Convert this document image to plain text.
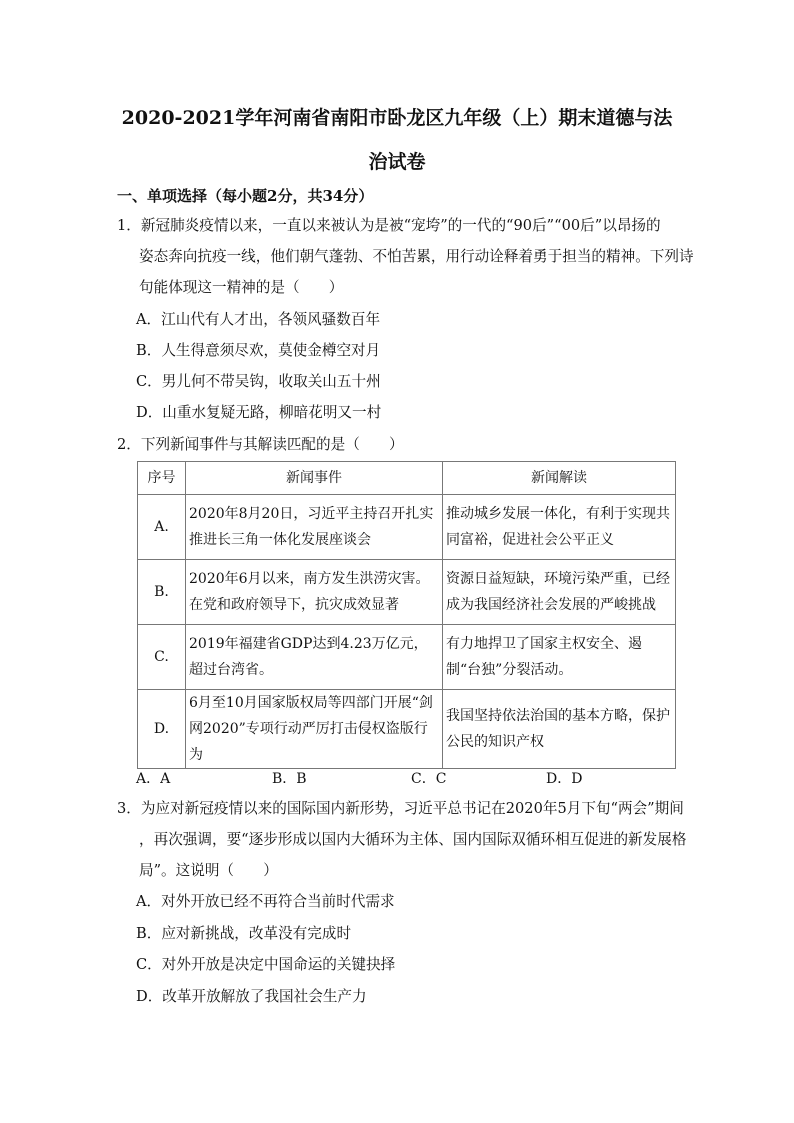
2020-2021学年河南省南阳市卧龙区九年级（上）期末道德与法
治试卷
一、单项选择（每小题2分，共34分）
1．新冠肺炎疫情以来，一直以来被认为是被“宠垮”的一代的“90后”“00后”以昂扬的
姿态奔向抗疫一线，他们朝气蓬勃、不怕苦累，用行动诠释着勇于担当的精神。下列诗
句能体现这一精神的是（　　）
A．江山代有人才出，各领风骚数百年
B．人生得意须尽欢，莫使金樽空对月
C．男儿何不带吴钩，收取关山五十州
D．山重水复疑无路，柳暗花明又一村
2．下列新闻事件与其解读匹配的是（　　）
序号	新闻事件	新闻解读
A.	2020年8月20日，习近平主持召开扎实推进长三角一体化发展座谈会	推动城乡发展一体化，有利于实现共同富裕，促进社会公平正义
B.	2020年6月以来，南方发生洪涝灾害。在党和政府领导下，抗灾成效显著	资源日益短缺，环境污染严重，已经成为我国经济社会发展的严峻挑战
C.	2019年福建省GDP达到4.23万亿元，超过台湾省。	有力地捍卫了国家主权安全、遏制“台独”分裂活动。
D.	6月至10月国家版权局等四部门开展“剑网2020”专项行动严厉打击侵权盗版行为	我国坚持依法治国的基本方略，保护公民的知识产权
A．A	B．B	C．C	D．D
3．为应对新冠疫情以来的国际国内新形势，习近平总书记在2020年5月下旬“两会”期间
，再次强调，要“逐步形成以国内大循环为主体、国内国际双循环相互促进的新发展格
局”。这说明（　　）
A．对外开放已经不再符合当前时代需求
B．应对新挑战，改革没有完成时
C．对外开放是决定中国命运的关键抉择
D．改革开放解放了我国社会生产力
